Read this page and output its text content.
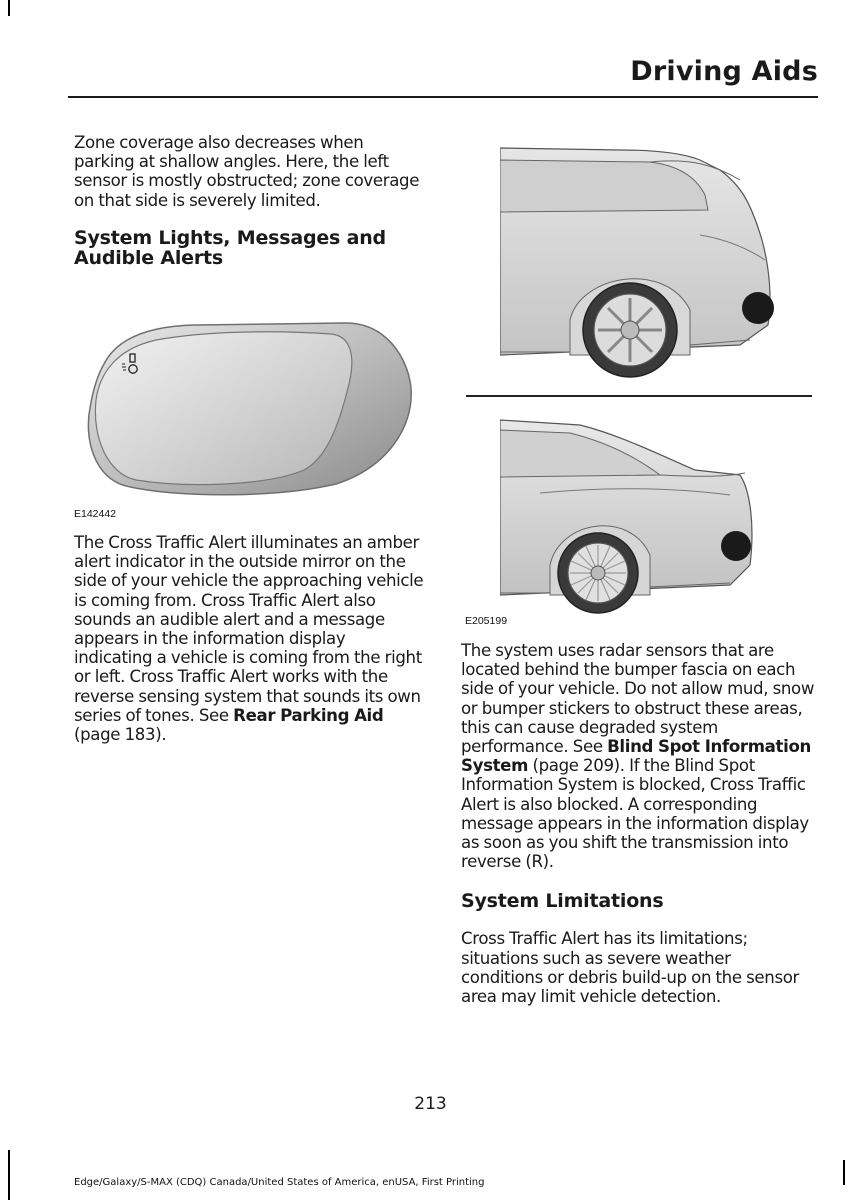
Driving Aids

Zone coverage also decreases when parking at shallow angles. Here, the left sensor is mostly obstructed; zone coverage on that side is severely limited.

System Lights, Messages and
Audible Alerts
E142442

The Cross Traffic Alert illuminates an amber alert indicator in the outside mirror on the side of your vehicle the approaching vehicle is coming from. Cross Traffic Alert also sounds an audible alert and a message appears in the information display indicating a vehicle is coming from the right or left. Cross Traffic Alert works with the reverse sensing system that sounds its own series of tones. See Rear Parking Aid (page 183).

E205199

The system uses radar sensors that are located behind the bumper fascia on each side of your vehicle. Do not allow mud, snow or bumper stickers to obstruct these areas, this can cause degraded system performance. See Blind Spot Information System (page 209). If the Blind Spot Information System is blocked, Cross Traffic Alert is also blocked. A corresponding message appears in the information display as soon as you shift the transmission into reverse (R).

System Limitations

Cross Traffic Alert has its limitations; situations such as severe weather conditions or debris build-up on the sensor area may limit vehicle detection.

213
Edge/Galaxy/S-MAX (CDQ) Canada/United States of America, enUSA, First Printing
